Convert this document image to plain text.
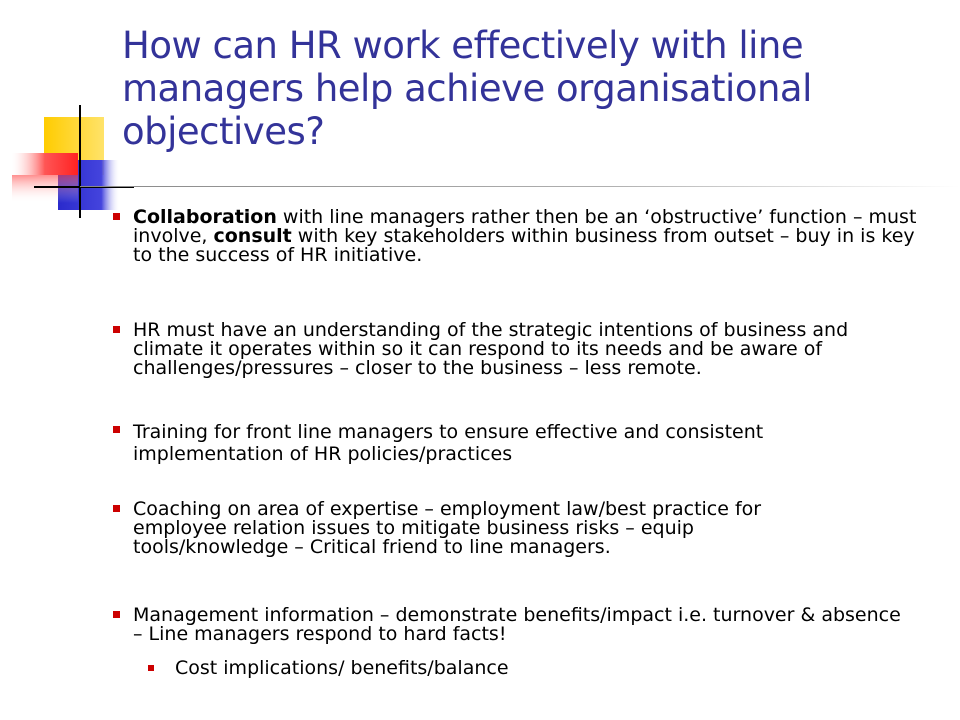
How can HR work effectively with line managers help achieve organisational objectives?
Collaboration with line managers rather then be an ‘obstructive’ function – must involve, consult with key stakeholders within business from outset – buy in is key to the success of HR initiative.
HR must have an understanding of the strategic intentions of business and climate it operates within so it can respond to its needs and be aware of challenges/pressures – closer to the business – less remote.
Training for front line managers to ensure effective and consistent implementation of HR policies/practices
Coaching on area of expertise – employment law/best practice for employee relation issues to mitigate business risks – equip tools/knowledge – Critical friend to line managers.
Management information – demonstrate benefits/impact i.e. turnover & absence – Line managers respond to hard facts!
Cost implications/ benefits/balance
